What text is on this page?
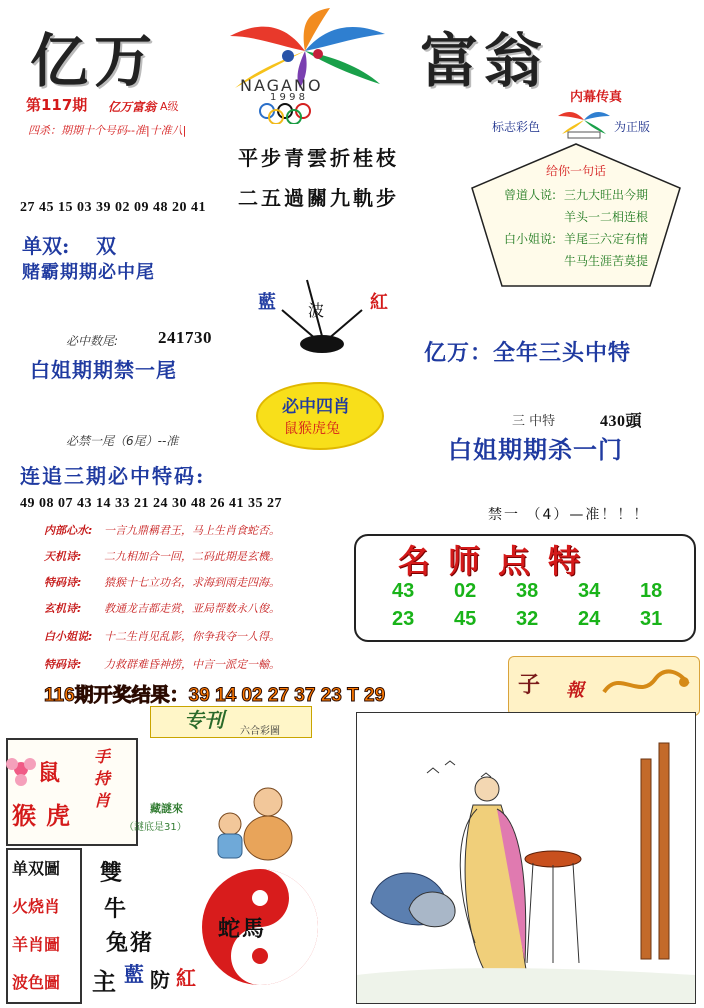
亿万	富翁
NAGANO
1 9 9 8
第117期 亿万富翁 A级
四杀：期期十个号码--准|十准八|
内幕传真
标志彩色	为正版
平步青雲折桂枝
二五過關九軌步
给你一句话
曾道人说: 三九大旺出今期
羊头一二相连根
白小姐说: 羊尾三六定有情
牛马生涯苦莫提
27 45 15 03 39 02 09 48 20 41
单双: 双
赌霸期期必中尾
藍 波	紅
必中数尾: 241730
白姐期期禁一尾
亿万：全年三头中特
必中四肖
鼠猴虎兔
必禁一尾（6尾）--准
三 中特	430頭
白姐期期杀一门
连追三期必中特码:
49 08 07 43 14 33 21 24 30 48 26 41 35 27
禁一 （4）—准！！！
内部心水: 一言九鼎稱君王，马上生肖食蛇否。
天机诗: 二九相加合一回，二码此期是玄機。
特码诗: 猿猴十七立功名，求海到雨走四海。
玄机诗: 教通龙吉都走赏，亚局帮数永八俊。
白小姐说: 十二生肖见乱影，你争我夺一人得。
特码诗: 力救群难昏神捞，中言一派定一輸。
名师点特
43 02 38 34 18
23 45 32 24 31
116期开奖结果：39 14 02 27 37 23 T 29
专刊 六合彩圖
子 報
鼠
猴虎
手持肖	藏謎來
（謎底是31）
单双圖
火烧肖
羊肖圖
波色圖
雙
牛
兔猪
蛇馬
主 藍 防 紅
